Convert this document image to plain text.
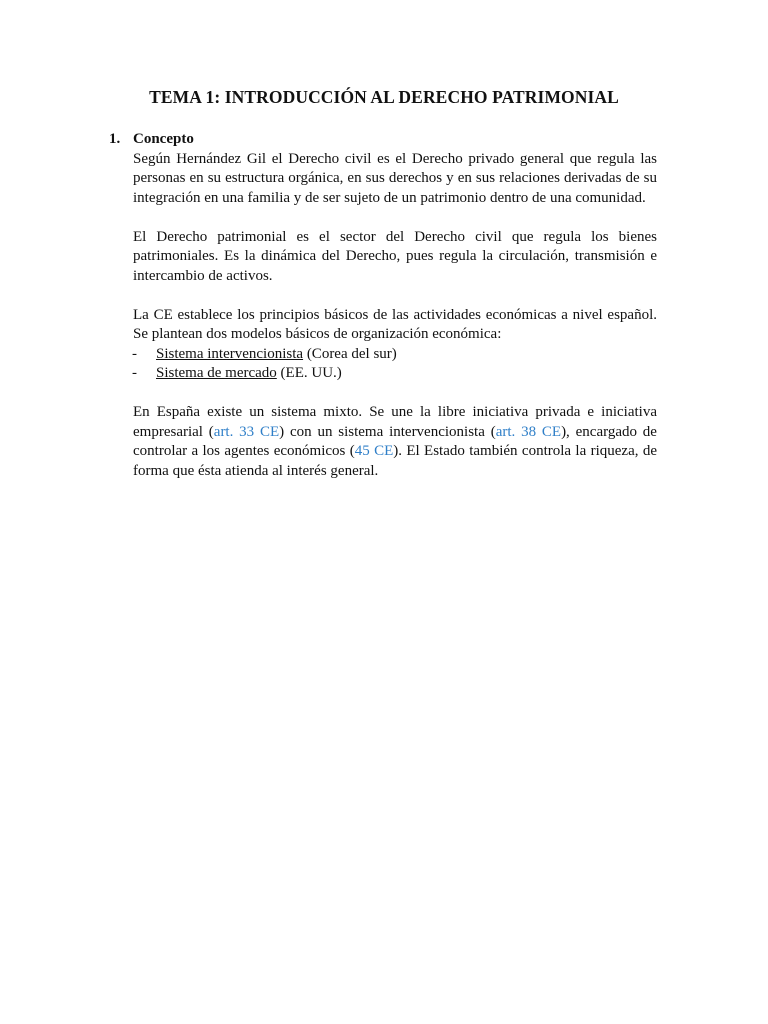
TEMA 1: INTRODUCCIÓN AL DERECHO PATRIMONIAL
1. Concepto

Según Hernández Gil el Derecho civil es el Derecho privado general que regula las personas en su estructura orgánica, en sus derechos y en sus relaciones derivadas de su integración en una familia y de ser sujeto de un patrimonio dentro de una comunidad.

El Derecho patrimonial es el sector del Derecho civil que regula los bienes patrimoniales. Es la dinámica del Derecho, pues regula la circulación, transmisión e intercambio de activos.

La CE establece los principios básicos de las actividades económicas a nivel español. Se plantean dos modelos básicos de organización económica:

- Sistema intervencionista (Corea del sur)
- Sistema de mercado (EE. UU.)

En España existe un sistema mixto. Se une la libre iniciativa privada e iniciativa empresarial (art. 33 CE) con un sistema intervencionista (art. 38 CE), encargado de controlar a los agentes económicos (45 CE). El Estado también controla la riqueza, de forma que ésta atienda al interés general.
